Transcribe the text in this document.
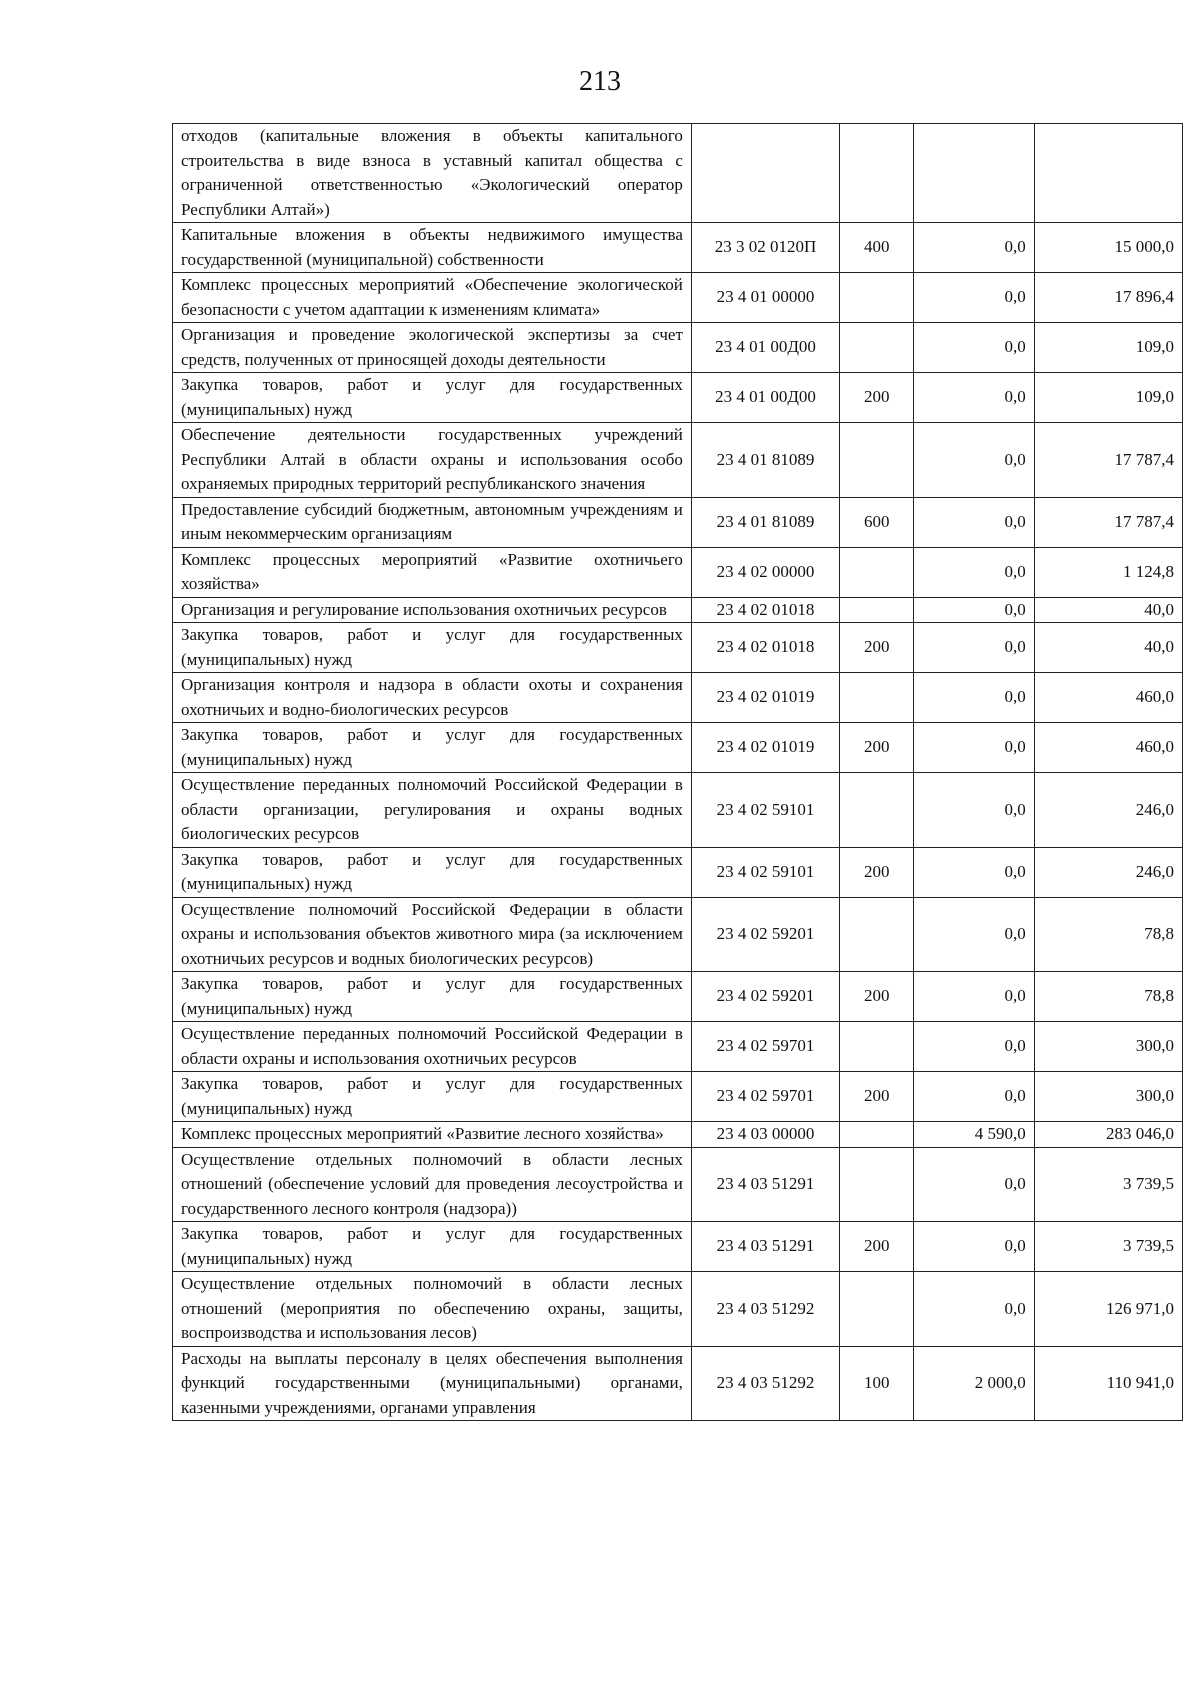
213
отходов (капитальные вложения в объекты капитального строительства в виде взноса в уставный капитал общества с ограниченной ответственностью «Экологический оператор Республики Алтай»)				
Капитальные вложения в объекты недвижимого имущества государственной (муниципальной) собственности	23 3 02 0120П	400	0,0	15 000,0
Комплекс процессных мероприятий «Обеспечение экологической безопасности с учетом адаптации к изменениям климата»	23 4 01 00000		0,0	17 896,4
Организация и проведение экологической экспертизы за счет средств, полученных от приносящей доходы деятельности	23 4 01 00Д00		0,0	109,0
Закупка товаров, работ и услуг для государственных (муниципальных) нужд	23 4 01 00Д00	200	0,0	109,0
Обеспечение деятельности государственных учреждений Республики Алтай в области охраны и использования особо охраняемых природных территорий республиканского значения	23 4 01 81089		0,0	17 787,4
Предоставление субсидий бюджетным, автономным учреждениям и иным некоммерческим организациям	23 4 01 81089	600	0,0	17 787,4
Комплекс процессных мероприятий «Развитие охотничьего хозяйства»	23 4 02 00000		0,0	1 124,8
Организация и регулирование использования охотничьих ресурсов	23 4 02 01018		0,0	40,0
Закупка товаров, работ и услуг для государственных (муниципальных) нужд	23 4 02 01018	200	0,0	40,0
Организация контроля и надзора в области охоты и сохранения охотничьих и водно-биологических ресурсов	23 4 02 01019		0,0	460,0
Закупка товаров, работ и услуг для государственных (муниципальных) нужд	23 4 02 01019	200	0,0	460,0
Осуществление переданных полномочий Российской Федерации в области организации, регулирования и охраны водных биологических ресурсов	23 4 02 59101		0,0	246,0
Закупка товаров, работ и услуг для государственных (муниципальных) нужд	23 4 02 59101	200	0,0	246,0
Осуществление полномочий Российской Федерации в области охраны и использования объектов животного мира (за исключением охотничьих ресурсов и водных биологических ресурсов)	23 4 02 59201		0,0	78,8
Закупка товаров, работ и услуг для государственных (муниципальных) нужд	23 4 02 59201	200	0,0	78,8
Осуществление переданных полномочий Российской Федерации в области охраны и использования охотничьих ресурсов	23 4 02 59701		0,0	300,0
Закупка товаров, работ и услуг для государственных (муниципальных) нужд	23 4 02 59701	200	0,0	300,0
Комплекс процессных мероприятий «Развитие лесного хозяйства»	23 4 03 00000		4 590,0	283 046,0
Осуществление отдельных полномочий в области лесных отношений (обеспечение условий для проведения лесоустройства и государственного лесного контроля (надзора))	23 4 03 51291		0,0	3 739,5
Закупка товаров, работ и услуг для государственных (муниципальных) нужд	23 4 03 51291	200	0,0	3 739,5
Осуществление отдельных полномочий в области лесных отношений (мероприятия по обеспечению охраны, защиты, воспроизводства и использования лесов)	23 4 03 51292		0,0	126 971,0
Расходы на выплаты персоналу в целях обеспечения выполнения функций государственными (муниципальными) органами, казенными учреждениями, органами управления	23 4 03 51292	100	2 000,0	110 941,0
